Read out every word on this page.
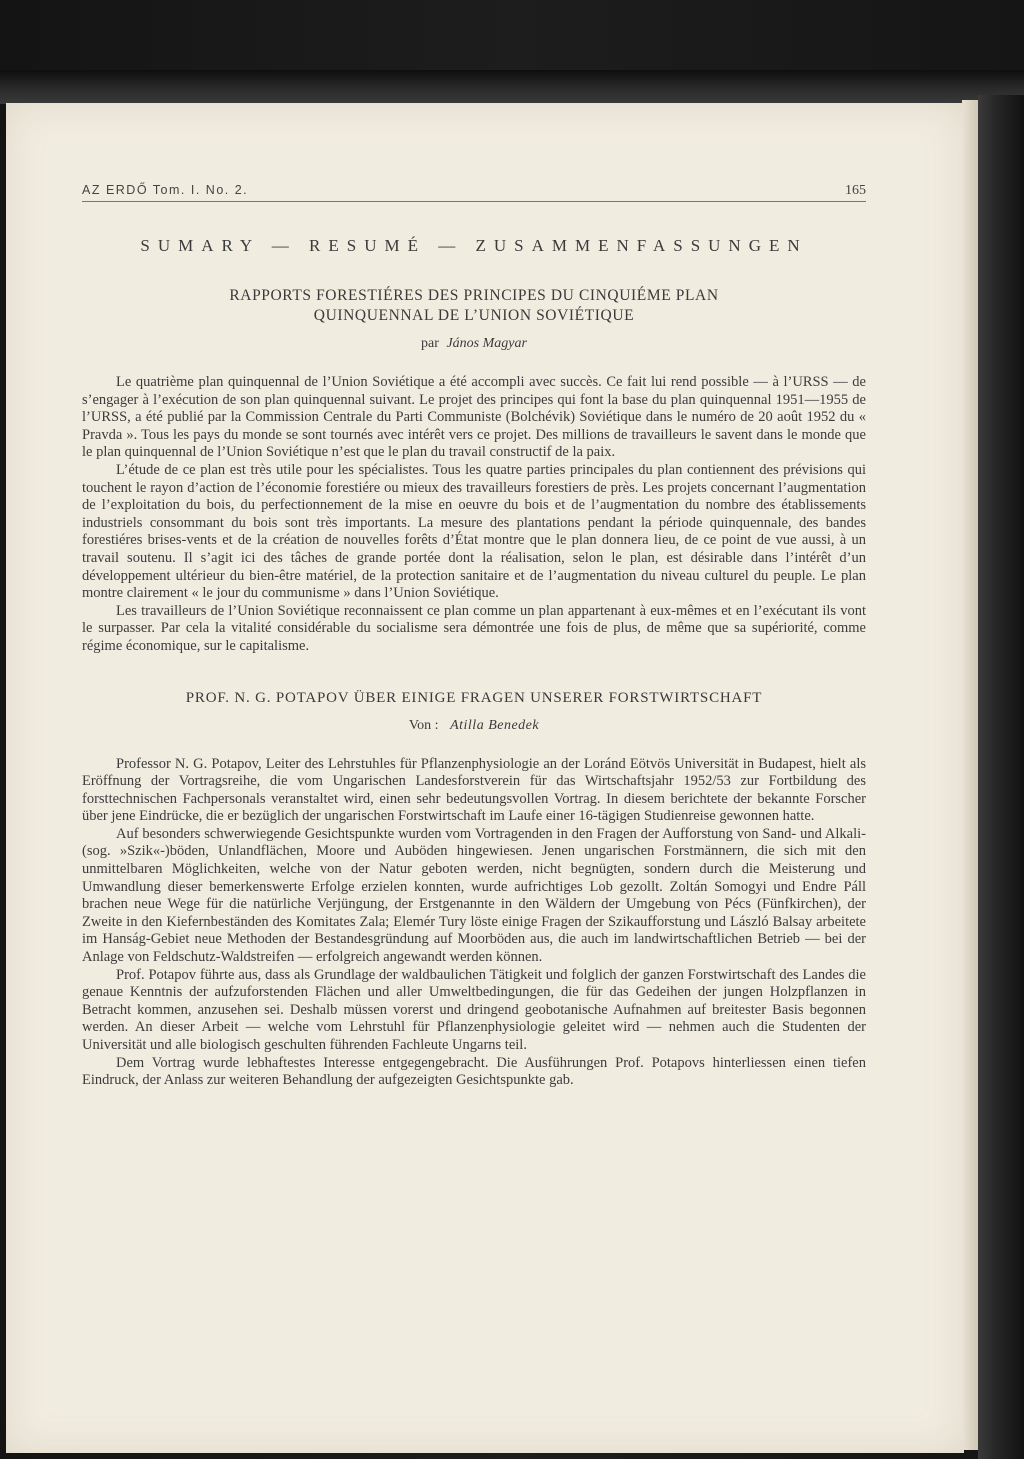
AZ ERDŐ Tom. I. No. 2.	165
SUMARY — RESUMÉ — ZUSAMMENFASSUNGEN
RAPPORTS FORESTIÉRES DES PRINCIPES DU CINQUIÉME PLAN
QUINQUENNAL DE L’UNION SOVIÉTIQUE
par János Magyar

Le quatrième plan quinquennal de l’Union Soviétique a été accompli avec succès. Ce fait lui rend possible — à l’URSS — de s’engager à l’exécution de son plan quinquennal suivant. Le projet des principes qui font la base du plan quinquennal 1951—1955 de l’URSS, a été publié par la Commission Centrale du Parti Communiste (Bolchévik) Soviétique dans le numéro de 20 août 1952 du « Pravda ». Tous les pays du monde se sont tournés avec intérêt vers ce projet. Des millions de travailleurs le savent dans le monde que le plan quinquennal de l’Union Soviétique n’est que le plan du travail constructif de la paix.

L’étude de ce plan est très utile pour les spécialistes. Tous les quatre parties principales du plan contiennent des prévisions qui touchent le rayon d’action de l’économie forestiére ou mieux des travailleurs forestiers de près. Les projets concernant l’augmentation de l’exploitation du bois, du perfectionnement de la mise en oeuvre du bois et de l’augmentation du nombre des établissements industriels consommant du bois sont très importants. La mesure des plantations pendant la période quinquennale, des bandes forestiéres brises-vents et de la création de nouvelles forêts d’État montre que le plan donnera lieu, de ce point de vue aussi, à un travail soutenu. Il s’agit ici des tâches de grande portée dont la réalisation, selon le plan, est désirable dans l’intérêt d’un développement ultérieur du bien-être matériel, de la protection sanitaire et de l’augmentation du niveau culturel du peuple. Le plan montre clairement « le jour du communisme » dans l’Union Soviétique.

Les travailleurs de l’Union Soviétique reconnaissent ce plan comme un plan appartenant à eux-mêmes et en l’exécutant ils vont le surpasser. Par cela la vitalité considérable du socialisme sera démontrée une fois de plus, de même que sa supériorité, comme régime économique, sur le capitalisme.

PROF. N. G. POTAPOV ÜBER EINIGE FRAGEN UNSERER FORSTWIRTSCHAFT
Von : Atilla Benedek

Professor N. G. Potapov, Leiter des Lehrstuhles für Pflanzenphysiologie an der Loránd Eötvös Universität in Budapest, hielt als Eröffnung der Vortragsreihe, die vom Ungarischen Landesforstverein für das Wirtschaftsjahr 1952/53 zur Fortbildung des forsttechnischen Fachpersonals veranstaltet wird, einen sehr bedeutungsvollen Vortrag. In diesem berichtete der bekannte Forscher über jene Eindrücke, die er bezüglich der ungarischen Forstwirtschaft im Laufe einer 16-tägigen Studienreise gewonnen hatte.

Auf besonders schwerwiegende Gesichtspunkte wurden vom Vortragenden in den Fragen der Aufforstung von Sand- und Alkali- (sog. »Szik«-)böden, Unlandflächen, Moore und Auböden hingewiesen. Jenen ungarischen Forstmännern, die sich mit den unmittelbaren Möglichkeiten, welche von der Natur geboten werden, nicht begnügten, sondern durch die Meisterung und Umwandlung dieser bemerkenswerte Erfolge erzielen konnten, wurde aufrichtiges Lob gezollt. Zoltán Somogyi und Endre Páll brachen neue Wege für die natürliche Verjüngung, der Erstgenannte in den Wäldern der Umgebung von Pécs (Fünfkirchen), der Zweite in den Kiefernbeständen des Komitates Zala; Elemér Tury löste einige Fragen der Szikaufforstung und László Balsay arbeitete im Hanság-Gebiet neue Methoden der Bestandesgründung auf Moorböden aus, die auch im landwirtschaftlichen Betrieb — bei der Anlage von Feldschutz-Waldstreifen — erfolgreich angewandt werden können.

Prof. Potapov führte aus, dass als Grundlage der waldbaulichen Tätigkeit und folglich der ganzen Forstwirtschaft des Landes die genaue Kenntnis der aufzuforstenden Flächen und aller Umweltbedingungen, die für das Gedeihen der jungen Holzpflanzen in Betracht kommen, anzusehen sei. Deshalb müssen vorerst und dringend geobotanische Aufnahmen auf breitester Basis begonnen werden. An dieser Arbeit — welche vom Lehrstuhl für Pflanzenphysiologie geleitet wird — nehmen auch die Studenten der Universität und alle biologisch geschulten führenden Fachleute Ungarns teil.

Dem Vortrag wurde lebhaftestes Interesse entgegengebracht. Die Ausführungen Prof. Potapovs hinterliessen einen tiefen Eindruck, der Anlass zur weiteren Behandlung der aufgezeigten Gesichtspunkte gab.
